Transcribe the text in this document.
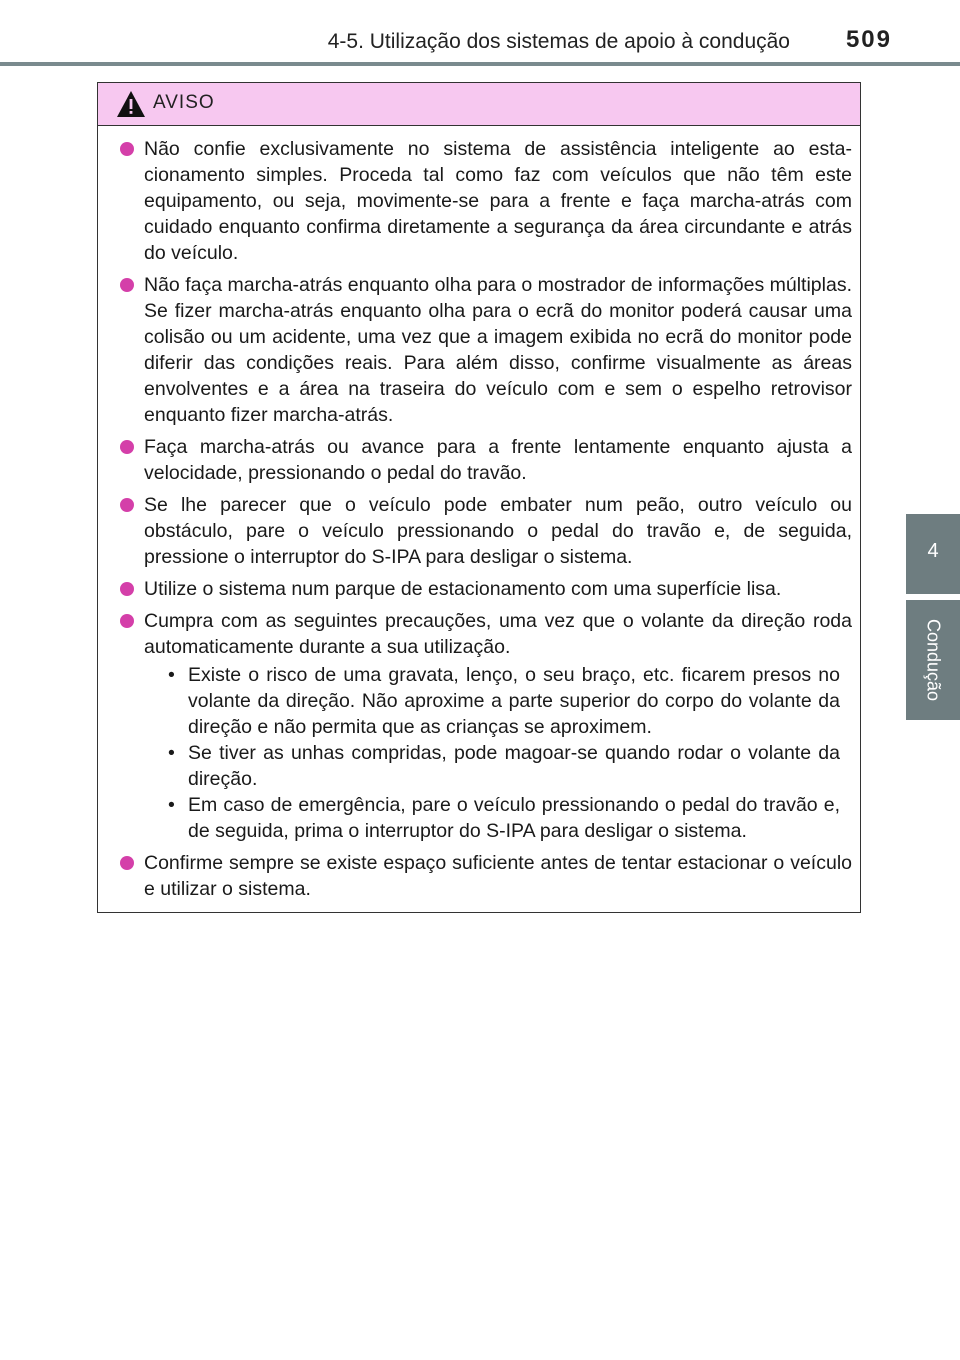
4-5. Utilização dos sistemas de apoio à condução 509
4
Condução
AVISO
Não confie exclusivamente no sistema de assistência inteligente ao estacionamento simples. Proceda tal como faz com veículos que não têm este equipamento, ou seja, movimente-se para a frente e faça marcha-atrás com cuidado enquanto confirma diretamente a segurança da área circundante e atrás do veículo.
Não faça marcha-atrás enquanto olha para o mostrador de informações múltiplas. Se fizer marcha-atrás enquanto olha para o ecrã do monitor poderá causar uma colisão ou um acidente, uma vez que a imagem exibida no ecrã do monitor pode diferir das condições reais. Para além disso, confirme visualmente as áreas envolventes e a área na traseira do veículo com e sem o espelho retrovisor enquanto fizer marcha-atrás.
Faça marcha-atrás ou avance para a frente lentamente enquanto ajusta a velocidade, pressionando o pedal do travão.
Se lhe parecer que o veículo pode embater num peão, outro veículo ou obstáculo, pare o veículo pressionando o pedal do travão e, de seguida, pressione o interruptor do S-IPA para desligar o sistema.
Utilize o sistema num parque de estacionamento com uma superfície lisa.
Cumpra com as seguintes precauções, uma vez que o volante da direção roda automaticamente durante a sua utilização.
• Existe o risco de uma gravata, lenço, o seu braço, etc. ficarem presos no volante da direção. Não aproxime a parte superior do corpo do volante da direção e não permita que as crianças se aproximem.
• Se tiver as unhas compridas, pode magoar-se quando rodar o volante da direção.
• Em caso de emergência, pare o veículo pressionando o pedal do travão e, de seguida, prima o interruptor do S-IPA para desligar o sistema.
Confirme sempre se existe espaço suficiente antes de tentar estacionar o veículo e utilizar o sistema.
